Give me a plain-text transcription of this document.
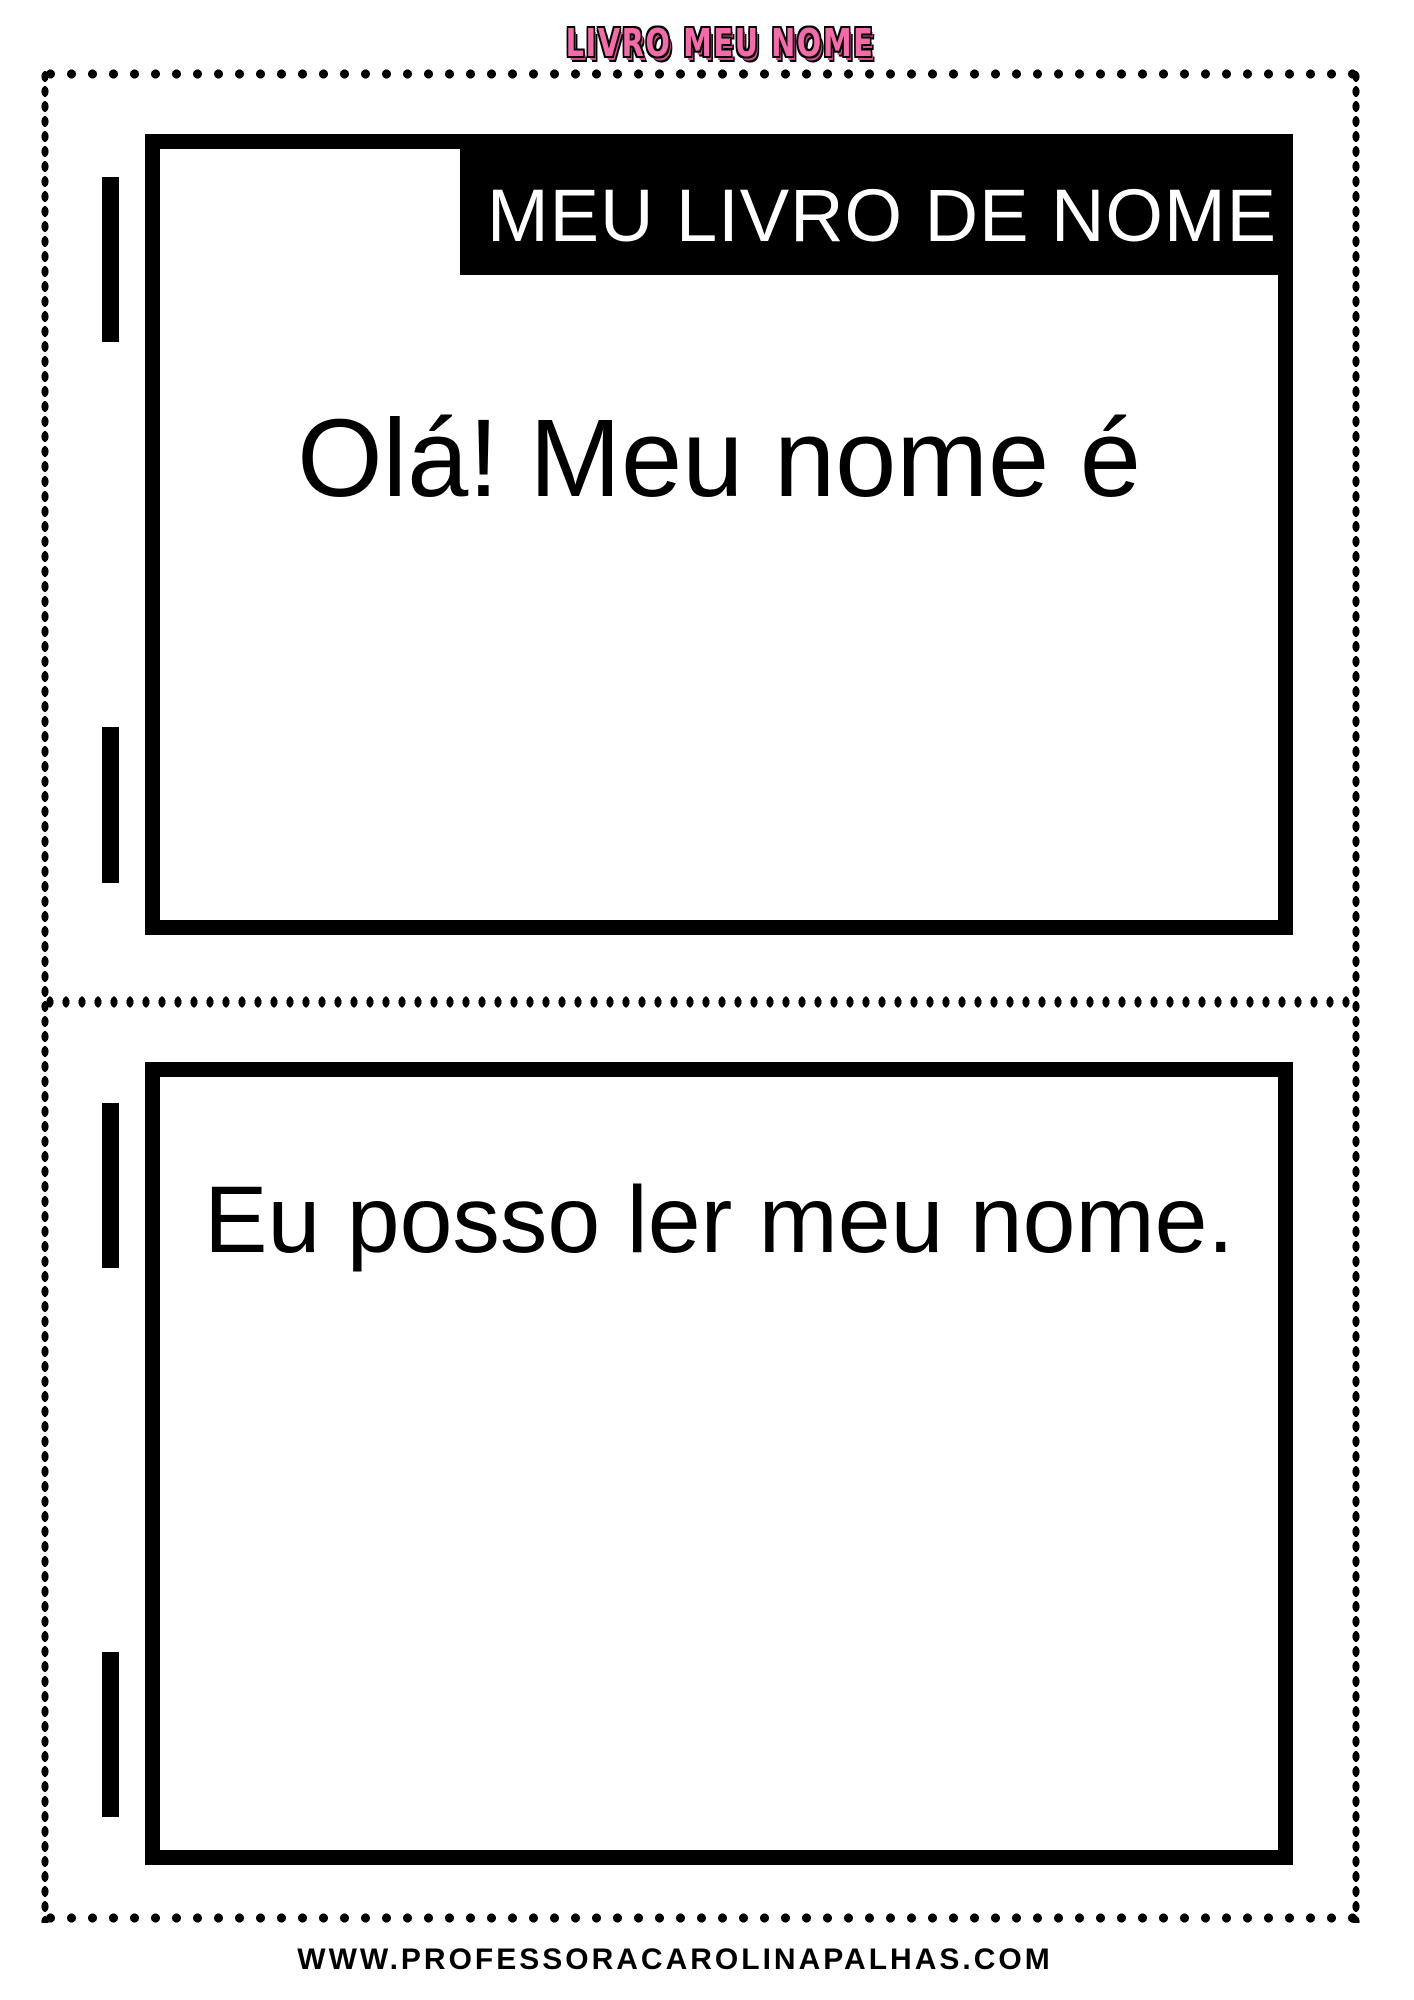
LIVRO MEU NOME
MEU LIVRO DE NOME
Olá! Meu nome é
Eu posso ler meu nome.
WWW.PROFESSORACAROLINAPALHAS.COM
